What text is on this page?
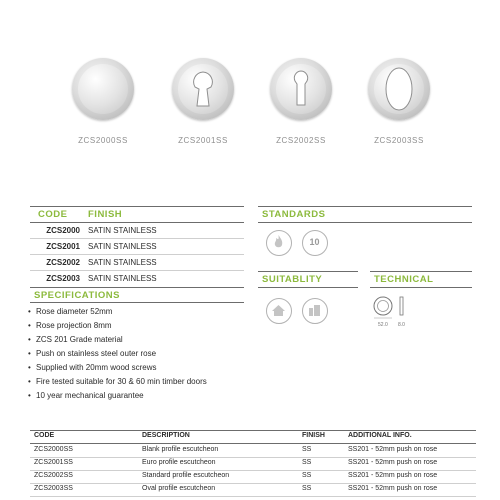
ZCS2000SS	ZCS2001SS	ZCS2002SS	ZCS2003SS
CODE FINISH
ZCS2000 SATIN STAINLESS
ZCS2001 SATIN STAINLESS
ZCS2002 SATIN STAINLESS
ZCS2003 SATIN STAINLESS
SPECIFICATIONS
• Rose diameter 52mm
• Rose projection 8mm
• ZCS 201 Grade material
• Push on stainless steel outer rose
• Supplied with 20mm wood screws
• Fire tested suitable for 30 & 60 min timber doors
• 10 year mechanical guarantee
STANDARDS
10
SUITABLITY	TECHNICAL
52.0 8.0
CODE	DESCRIPTION	FINISH	ADDITIONAL INFO.
ZCS2000SS	Blank profile escutcheon	SS	SS201 - 52mm push on rose
ZCS2001SS	Euro profile escutcheon	SS	SS201 - 52mm push on rose
ZCS2002SS	Standard profile escutcheon	SS	SS201 - 52mm push on rose
ZCS2003SS	Oval profile escutcheon	SS	SS201 - 52mm push on rose
